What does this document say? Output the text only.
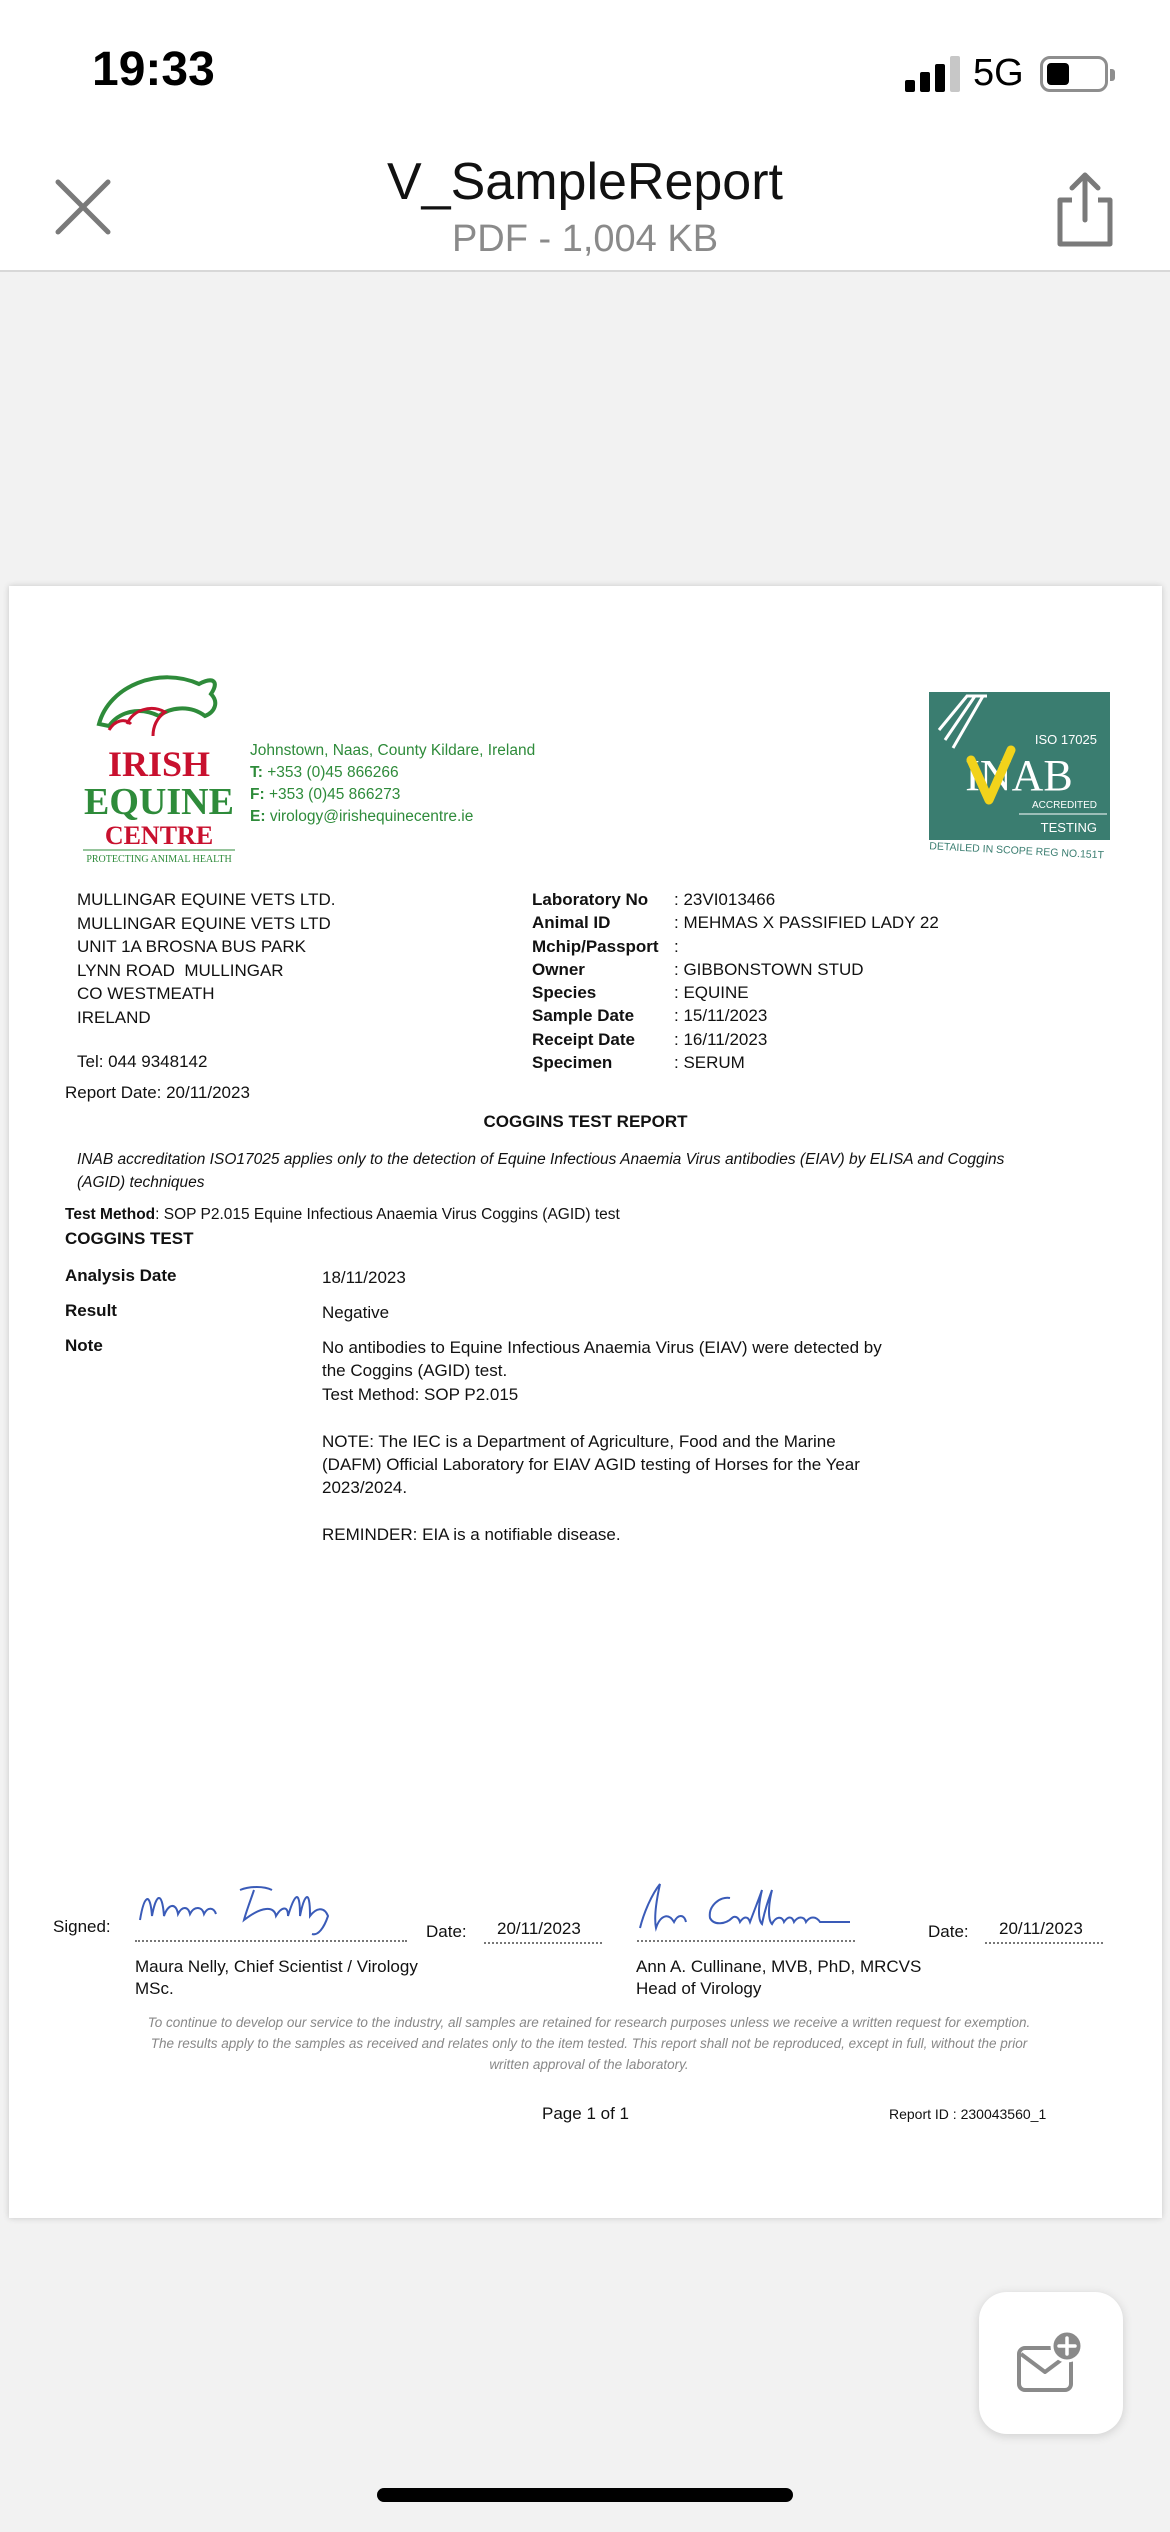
19:33	5G
V_SampleReport
PDF - 1,004 KB
IRISH
EQUINE
CENTRE
PROTECTING ANIMAL HEALTH
Johnstown, Naas, County Kildare, Ireland
T: +353 (0)45 866266
F: +353 (0)45 866273
E: virology@irishequinecentre.ie
ISO 17025
INAB
ACCREDITED
TESTING
DETAILED IN SCOPE REG NO.151T
MULLINGAR EQUINE VETS LTD.
MULLINGAR EQUINE VETS LTD
UNIT 1A BROSNA BUS PARK
LYNN ROAD  MULLINGAR
CO WESTMEATH
IRELAND
Tel: 044 9348142
Report Date: 20/11/2023
Laboratory No	: 23VI013466
Animal ID	: MEHMAS X PASSIFIED LADY 22
Mchip/Passport :
Owner	: GIBBONSTOWN STUD
Species	: EQUINE
Sample Date	: 15/11/2023
Receipt Date	: 16/11/2023
Specimen	: SERUM
COGGINS TEST REPORT
INAB accreditation ISO17025 applies only to the detection of Equine Infectious Anaemia Virus antibodies (EIAV) by ELISA and Coggins (AGID) techniques
Test Method: SOP P2.015 Equine Infectious Anaemia Virus Coggins (AGID) test
COGGINS TEST
Analysis Date	18/11/2023
Result	Negative
Note	No antibodies to Equine Infectious Anaemia Virus (EIAV) were detected by
the Coggins (AGID) test.
Test Method: SOP P2.015
NOTE: The IEC is a Department of Agriculture, Food and the Marine
(DAFM) Official Laboratory for EIAV AGID testing of Horses for the Year
2023/2024.
REMINDER: EIA is a notifiable disease.
Signed:	Date: 20/11/2023
Maura Nelly, Chief Scientist / Virology
MSc.
Date: 20/11/2023
Ann A. Cullinane, MVB, PhD, MRCVS
Head of Virology
To continue to develop our service to the industry, all samples are retained for research purposes unless we receive a written request for exemption.
The results apply to the samples as received and relates only to the item tested. This report shall not be reproduced, except in full, without the prior
written approval of the laboratory.
Page 1 of 1	Report ID : 230043560_1
